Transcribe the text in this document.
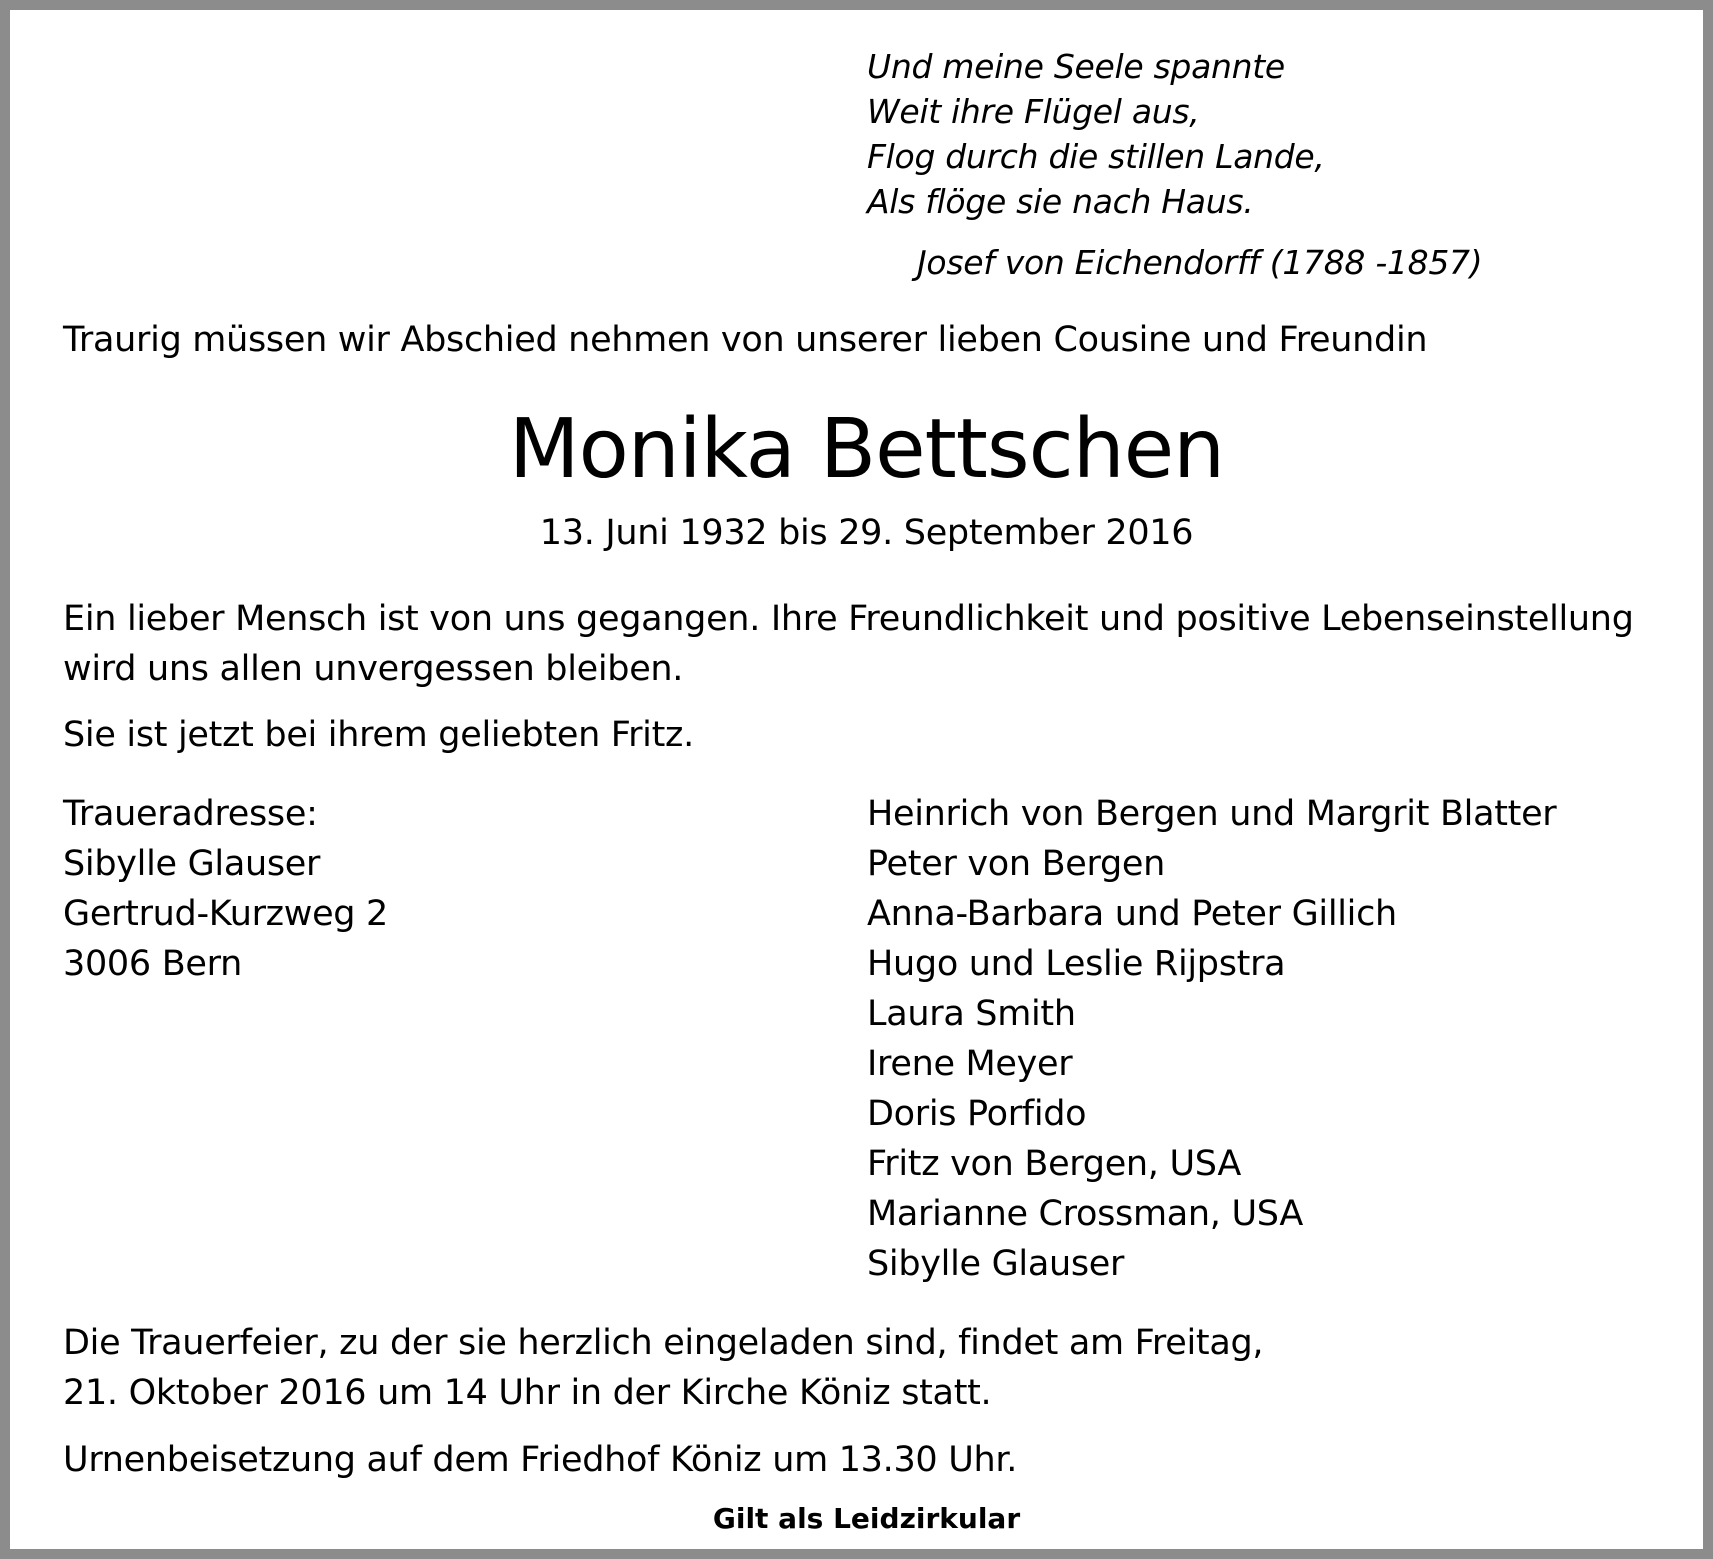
Und meine Seele spannte
Weit ihre Flügel aus,
Flog durch die stillen Lande,
Als flöge sie nach Haus.
Josef von Eichendorff (1788 -1857)
Traurig müssen wir Abschied nehmen von unserer lieben Cousine und Freundin
Monika Bettschen
13. Juni 1932 bis 29. September 2016
Ein lieber Mensch ist von uns gegangen. Ihre Freundlichkeit und positive Lebenseinstellung
wird uns allen unvergessen bleiben.
Sie ist jetzt bei ihrem geliebten Fritz.
Traueradresse:
Sibylle Glauser
Gertrud-Kurzweg 2
3006 Bern
Heinrich von Bergen und Margrit Blatter
Peter von Bergen
Anna-Barbara und Peter Gillich
Hugo und Leslie Rijpstra
Laura Smith
Irene Meyer
Doris Porfido
Fritz von Bergen, USA
Marianne Crossman, USA
Sibylle Glauser
Die Trauerfeier, zu der sie herzlich eingeladen sind, findet am Freitag,
21. Oktober 2016 um 14 Uhr in der Kirche Köniz statt.
Urnenbeisetzung auf dem Friedhof Köniz um 13.30 Uhr.
Gilt als Leidzirkular
